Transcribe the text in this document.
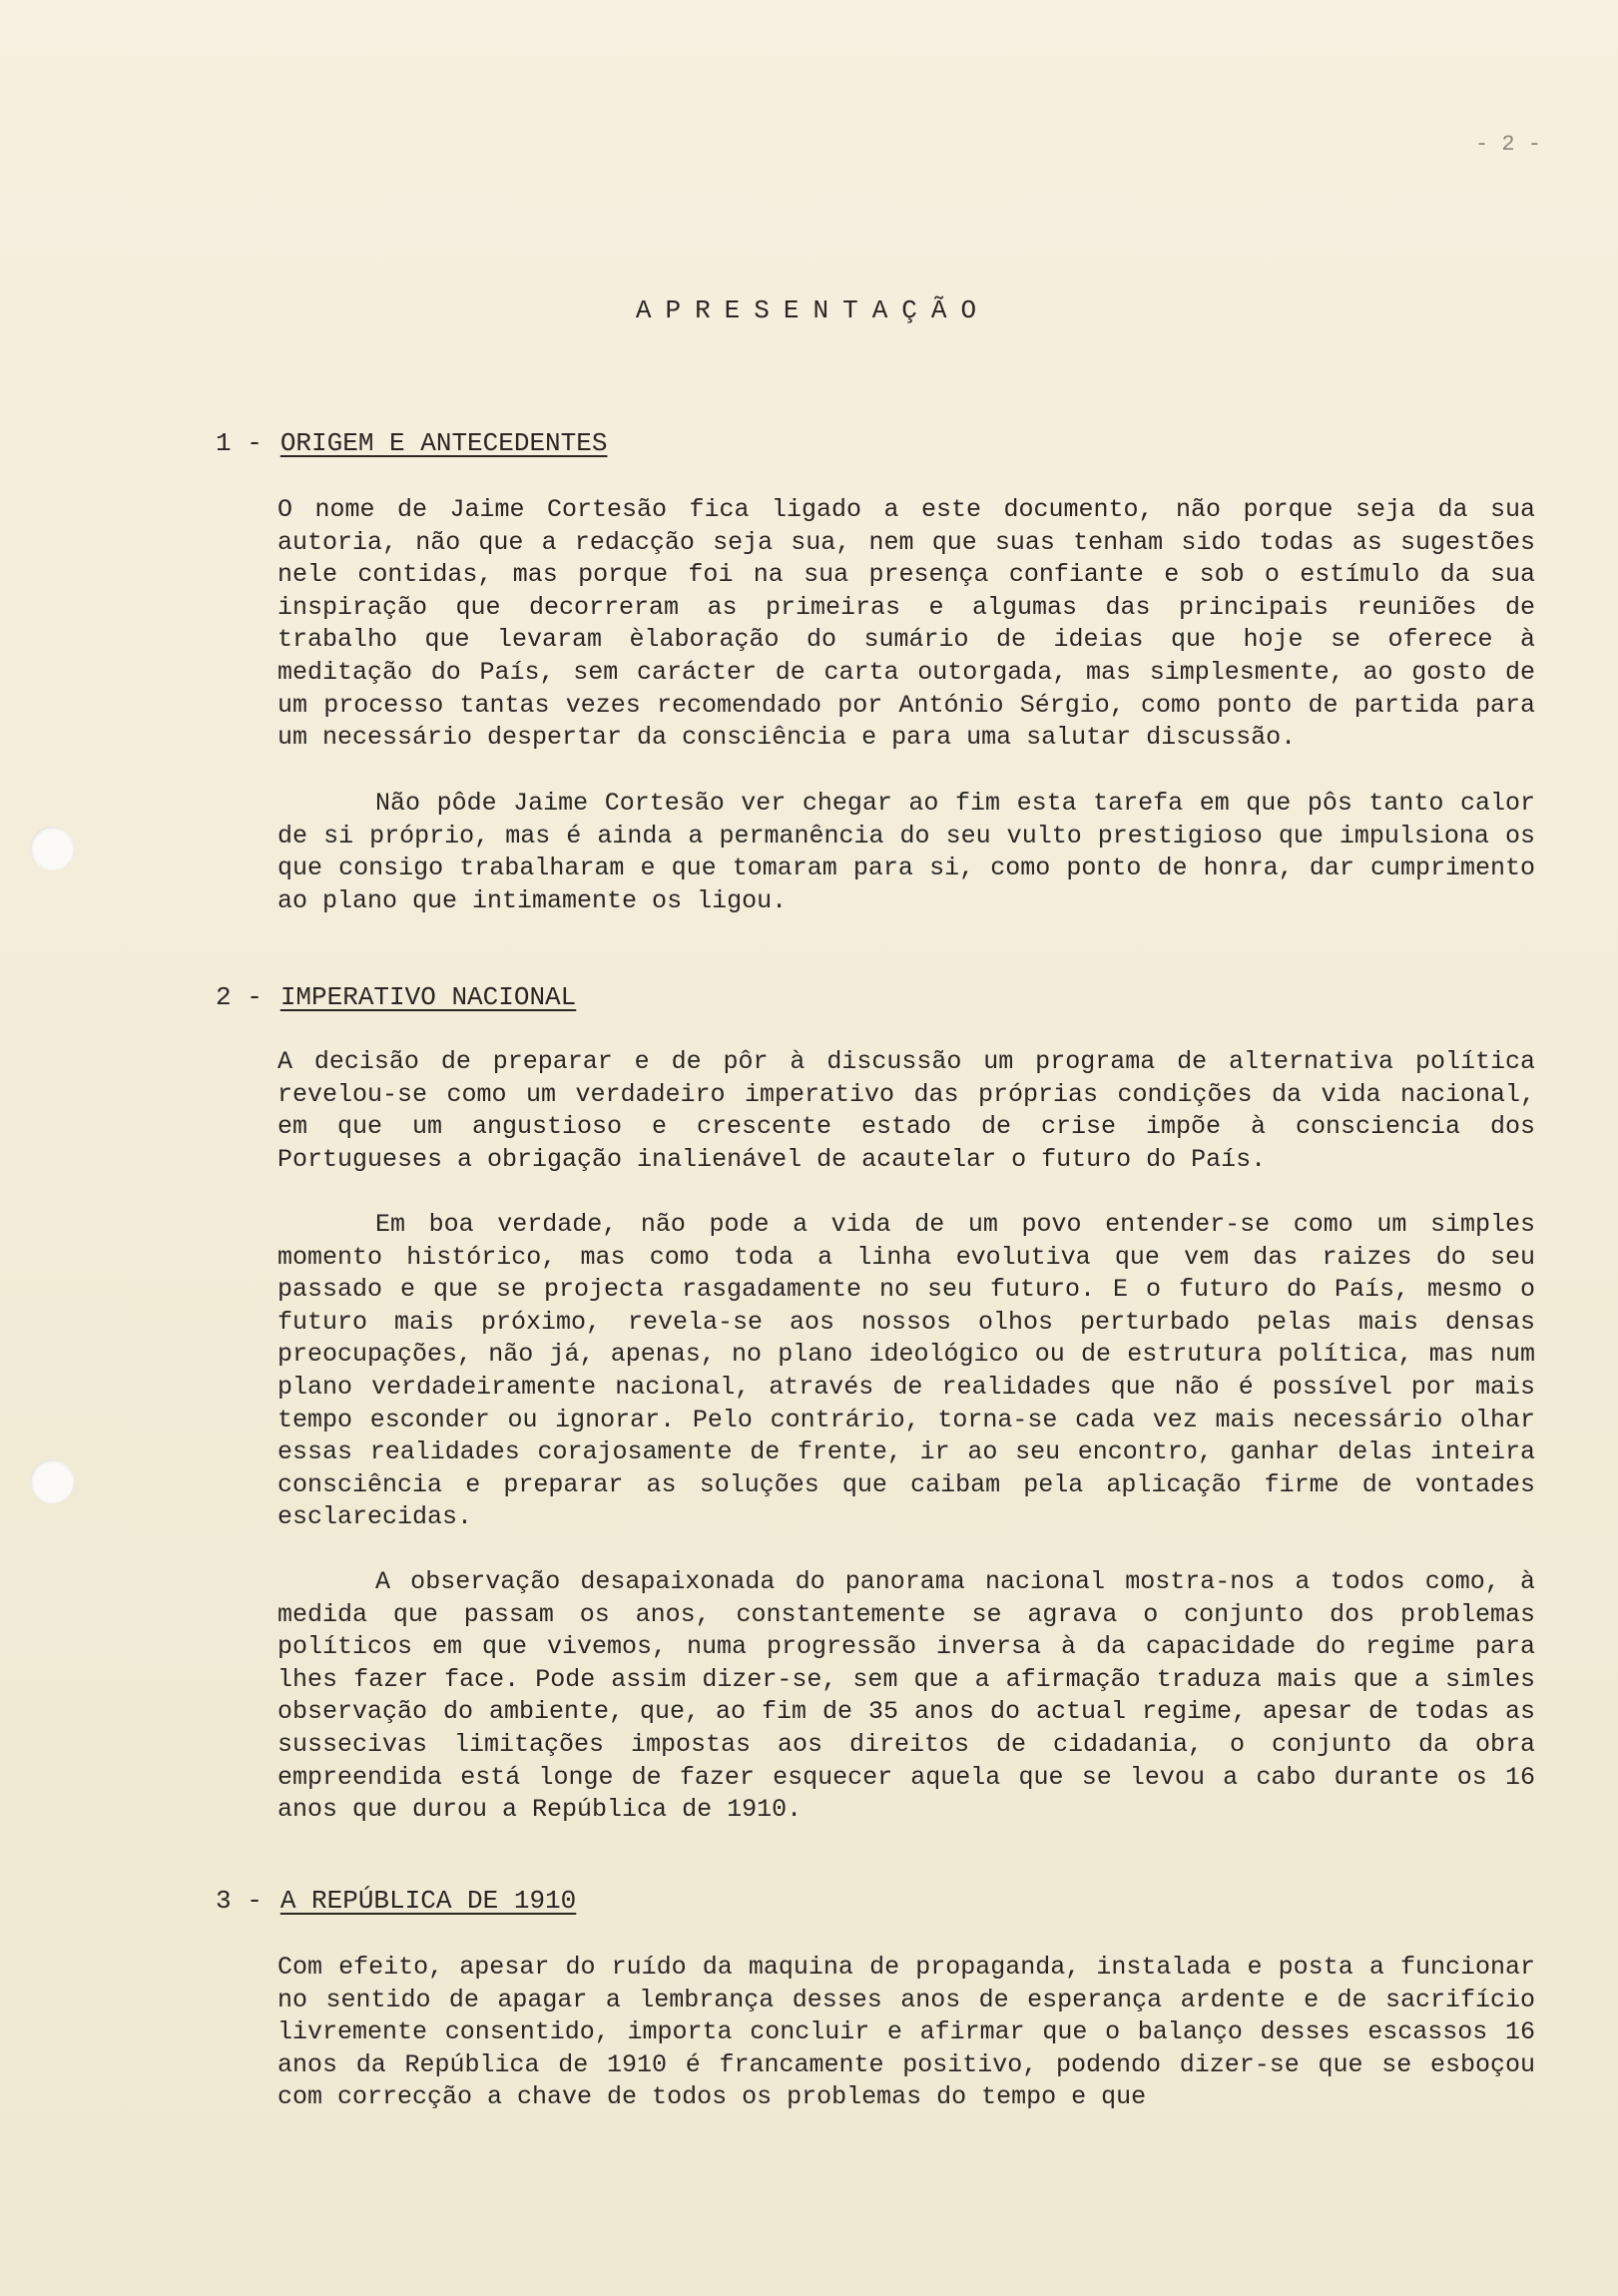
- 2 -
APRESENTAÇÃO
1 - ORIGEM E ANTECEDENTES

O nome de Jaime Cortesão fica ligado a este documento, não porque seja da sua autoria, não que a redacção seja sua, nem que suas tenham sido todas as sugestões nele contidas, mas porque foi na sua presença confiante e sob o estímulo da sua inspiração que decorreram as primeiras e algumas das principais reuniões de trabalho que levaram èlaboração do sumário de ideias que hoje se oferece à meditação do País, sem carácter de carta outorgada, mas simplesmente, ao gosto de um processo tantas vezes recomendado por António Sérgio, como ponto de partida para um necessário despertar da consciência e para uma salutar discussão.

Não pôde Jaime Cortesão ver chegar ao fim esta tarefa em que pôs tanto calor de si próprio, mas é ainda a permanência do seu vulto prestigioso que impulsiona os que consigo trabalharam e que tomaram para si, como ponto de honra, dar cumprimento ao plano que intimamente os ligou.

2 - IMPERATIVO NACIONAL

A decisão de preparar e de pôr à discussão um programa de alternativa política revelou-se como um verdadeiro imperativo das próprias condições da vida nacional, em que um angustioso e crescente estado de crise impõe à consciencia dos Portugueses a obrigação inalienável de acautelar o futuro do País.

Em boa verdade, não pode a vida de um povo entender-se como um simples momento histórico, mas como toda a linha evolutiva que vem das raizes do seu passado e que se projecta rasgadamente no seu futuro. E o futuro do País, mesmo o futuro mais próximo, revela-se aos nossos olhos perturbado pelas mais densas preocupações, não já, apenas, no plano ideológico ou de estrutura política, mas num plano verdadeiramente nacional, através de realidades que não é possível por mais tempo esconder ou ignorar. Pelo contrário, torna-se cada vez mais necessário olhar essas realidades corajosamente de frente, ir ao seu encontro, ganhar delas inteira consciência e preparar as soluções que caibam pela aplicação firme de vontades esclarecidas.

A observação desapaixonada do panorama nacional mostra-nos a todos como, à medida que passam os anos, constantemente se agrava o conjunto dos problemas políticos em que vivemos, numa progressão inversa à da capacidade do regime para lhes fazer face. Pode assim dizer-se, sem que a afirmação traduza mais que a simles observação do ambiente, que, ao fim de 35 anos do actual regime, apesar de todas as sussecivas limitações impostas aos direitos de cidadania, o conjunto da obra empreendida está longe de fazer esquecer aquela que se levou a cabo durante os 16 anos que durou a República de 1910.

3 - A REPÚBLICA DE 1910

Com efeito, apesar do ruído da maquina de propaganda, instalada e posta a funcionar no sentido de apagar a lembrança desses anos de esperança ardente e de sacrifício livremente consentido, importa concluir e afirmar que o balanço desses escassos 16 anos da República de 1910 é francamente positivo, podendo dizer-se que se esboçou com correcção a chave de todos os problemas do tempo e que
